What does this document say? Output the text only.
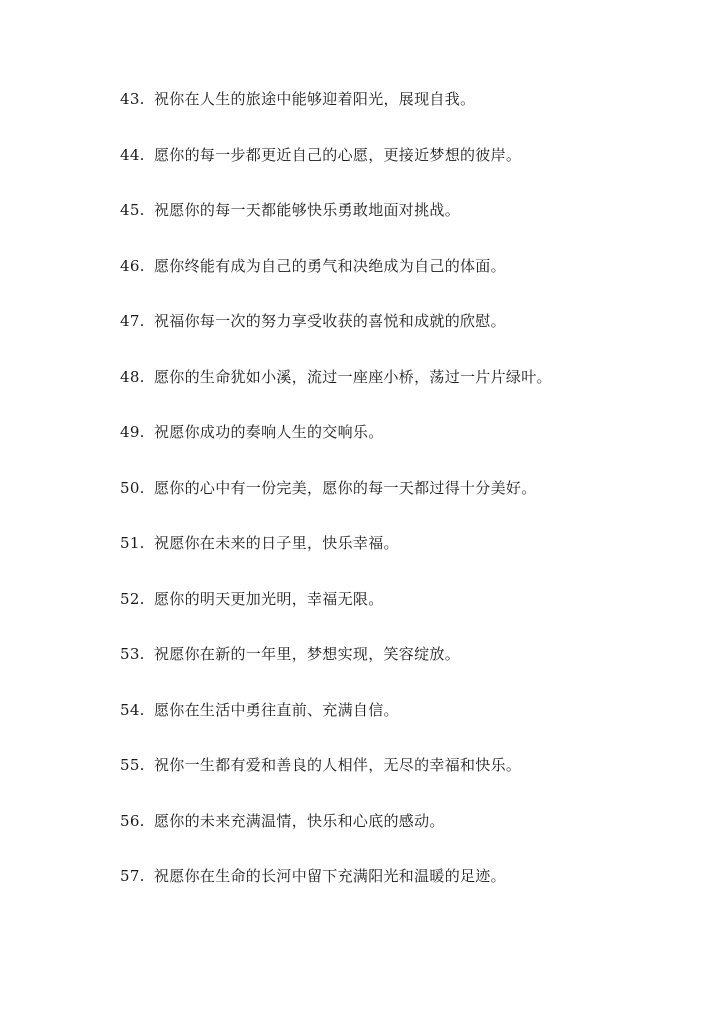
43. 祝你在人生的旅途中能够迎着阳光，展现自我。
44. 愿你的每一步都更近自己的心愿，更接近梦想的彼岸。
45. 祝愿你的每一天都能够快乐勇敢地面对挑战。
46. 愿你终能有成为自己的勇气和决绝成为自己的体面。
47. 祝福你每一次的努力享受收获的喜悦和成就的欣慰。
48. 愿你的生命犹如小溪，流过一座座小桥，荡过一片片绿叶。
49. 祝愿你成功的奏响人生的交响乐。
50. 愿你的心中有一份完美，愿你的每一天都过得十分美好。
51. 祝愿你在未来的日子里，快乐幸福。
52. 愿你的明天更加光明，幸福无限。
53. 祝愿你在新的一年里，梦想实现，笑容绽放。
54. 愿你在生活中勇往直前、充满自信。
55. 祝你一生都有爱和善良的人相伴，无尽的幸福和快乐。
56. 愿你的未来充满温情，快乐和心底的感动。
57. 祝愿你在生命的长河中留下充满阳光和温暖的足迹。
